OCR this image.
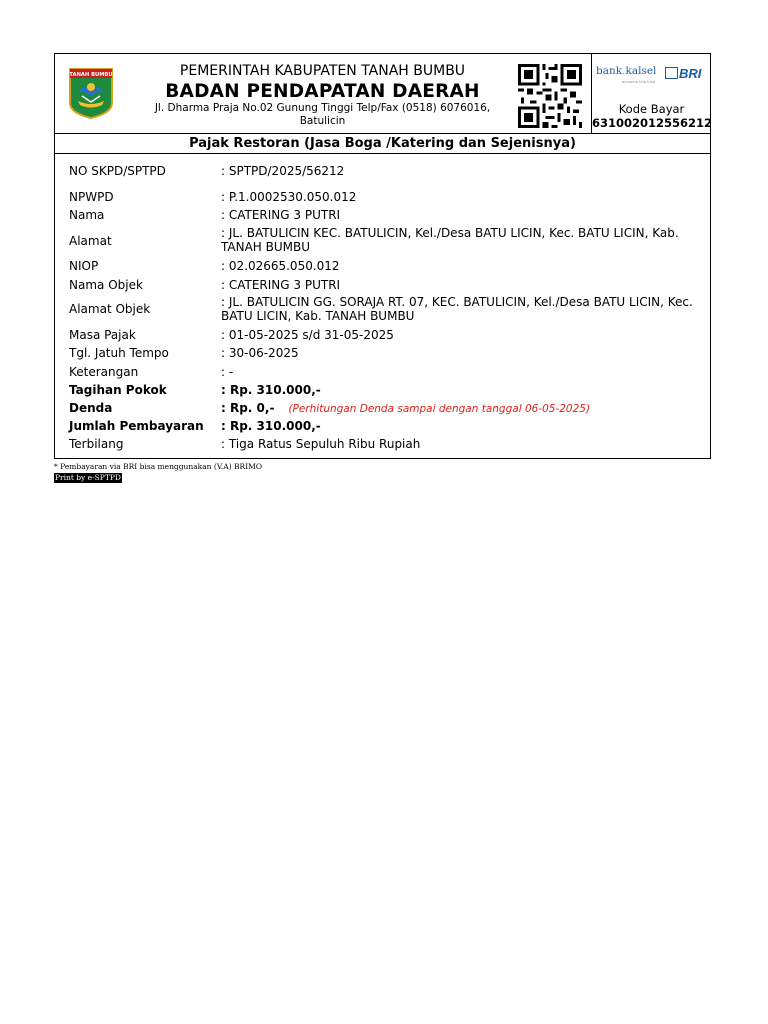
TANAH BUMBU	PEMERINTAH KABUPATEN TANAH BUMBU
BADAN PENDAPATAN DAERAH
Jl. Dharma Praja No.02 Gunung Tinggi Telp/Fax (0518) 6076016,
Batulicin
bank.kalsel
bersama kita bisa
BRI
Kode Bayar
631002012556212
Pajak Restoran (Jasa Boga /Katering dan Sejenisnya)
NO SKPD/SPTPD	: SPTPD/2025/56212
NPWPD	: P.1.0002530.050.012
Nama	: CATERING 3 PUTRI
Alamat
: JL. BATULICIN KEC. BATULICIN, Kel./Desa BATU LICIN, Kec. BATU LICIN, Kab. TANAH BUMBU
NIOP	: 02.02665.050.012
Nama Objek	: CATERING 3 PUTRI
Alamat Objek	: JL. BATULICIN GG. SORAJA RT. 07, KEC. BATULICIN, Kel./Desa BATU LICIN, Kec. BATU LICIN, Kab. TANAH BUMBU
Masa Pajak	: 01-05-2025 s/d 31-05-2025
Tgl. Jatuh Tempo	: 30-06-2025
Keterangan	: -
Tagihan Pokok	: Rp. 310.000,-
Denda	: Rp. 0,- (Perhitungan Denda sampai dengan tanggal 06-05-2025)
Jumlah Pembayaran	: Rp. 310.000,-
Terbilang	: Tiga Ratus Sepuluh Ribu Rupiah
* Pembayaran via BRI bisa menggunakan (V.A) BRIMO
Print by e-SPTPD
